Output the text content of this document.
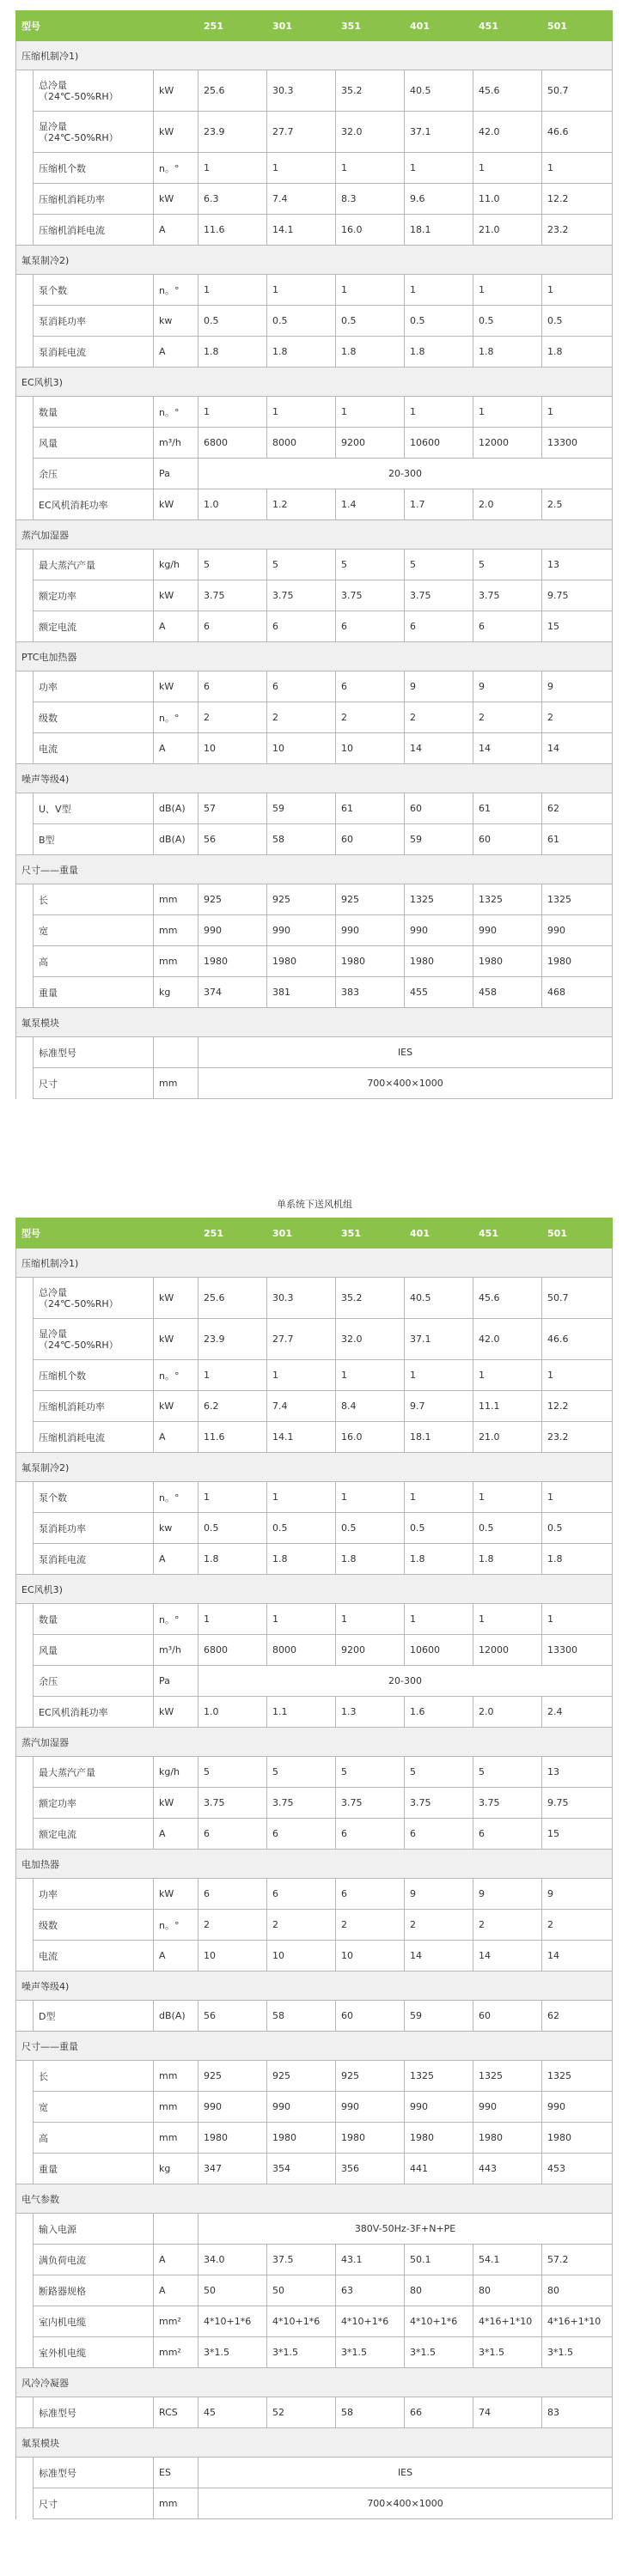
型号			251	301	351	401	451	501
压缩机制冷1)								

	总冷量
（24℃-50%RH）	kW	25.6	30.3	35.2	40.5	45.6	50.7

	显冷量
（24℃-50%RH）	kW	23.9	27.7	32.0	37.1	42.0	46.6
	压缩机个数	n。°	1	1	1	1	1	1
	压缩机消耗功率	kW	6.3	7.4	8.3	9.6	11.0	12.2
	压缩机消耗电流	A	11.6	14.1	16.0	18.1	21.0	23.2
氟泵制冷2)								
	泵个数	n。°	1	1	1	1	1	1
	泵消耗功率	kw	0.5	0.5	0.5	0.5	0.5	0.5
	泵消耗电流	A	1.8	1.8	1.8	1.8	1.8	1.8
EC风机3)								
	数量	n。°	1	1	1	1	1	1
	风量	m³/h	6800	8000	9200	10600	12000	13300
	余压	Pa	20-300					
	EC风机消耗功率	kW	1.0	1.2	1.4	1.7	2.0	2.5
蒸汽加湿器								
	最大蒸汽产量	kg/h	5	5	5	5	5	13
	额定功率	kW	3.75	3.75	3.75	3.75	3.75	9.75
	额定电流	A	6	6	6	6	6	15
PTC电加热器								
	功率	kW	6	6	6	9	9	9
	级数	n。°	2	2	2	2	2	2
	电流	A	10	10	10	14	14	14
噪声等级4)								
	U、V型	dB(A)	57	59	61	60	61	62
	B型	dB(A)	56	58	60	59	60	61
尺寸——重量								
	长	mm	925	925	925	1325	1325	1325
	宽	mm	990	990	990	990	990	990
	高	mm	1980	1980	1980	1980	1980	1980
	重量	kg	374	381	383	455	458	468
氟泵模块								
	标准型号		IES					
	尺寸	mm	700×400×1000					
单系统下送风机组
型号			251	301	351	401	451	501
压缩机制冷1)								

	总冷量
（24℃-50%RH）	kW	25.6	30.3	35.2	40.5	45.6	50.7

	显冷量
（24℃-50%RH）	kW	23.9	27.7	32.0	37.1	42.0	46.6
	压缩机个数	n。°	1	1	1	1	1	1
	压缩机消耗功率	kW	6.2	7.4	8.4	9.7	11.1	12.2
	压缩机消耗电流	A	11.6	14.1	16.0	18.1	21.0	23.2
氟泵制冷2)								
	泵个数	n。°	1	1	1	1	1	1
	泵消耗功率	kw	0.5	0.5	0.5	0.5	0.5	0.5
	泵消耗电流	A	1.8	1.8	1.8	1.8	1.8	1.8
EC风机3)								
	数量	n。°	1	1	1	1	1	1
	风量	m³/h	6800	8000	9200	10600	12000	13300
	余压	Pa	20-300					
	EC风机消耗功率	kW	1.0	1.1	1.3	1.6	2.0	2.4
蒸汽加湿器								
	最大蒸汽产量	kg/h	5	5	5	5	5	13
	额定功率	kW	3.75	3.75	3.75	3.75	3.75	9.75
	额定电流	A	6	6	6	6	6	15
电加热器								
	功率	kW	6	6	6	9	9	9
	级数	n。°	2	2	2	2	2	2
	电流	A	10	10	10	14	14	14
噪声等级4)								
	D型	dB(A)	56	58	60	59	60	62
尺寸——重量								
	长	mm	925	925	925	1325	1325	1325
	宽	mm	990	990	990	990	990	990
	高	mm	1980	1980	1980	1980	1980	1980
	重量	kg	347	354	356	441	443	453
电气参数								
	输入电源		380V-50Hz-3F+N+PE					
	满负荷电流	A	34.0	37.5	43.1	50.1	54.1	57.2
	断路器规格	A	50	50	63	80	80	80
	室内机电缆	mm²	4*10+1*6	4*10+1*6	4*10+1*6	4*10+1*6	4*16+1*10	4*16+1*10
	室外机电缆	mm²	3*1.5	3*1.5	3*1.5	3*1.5	3*1.5	3*1.5
风冷冷凝器								
	标准型号	RCS	45	52	58	66	74	83
氟泵模块								
	标准型号	ES	IES					
	尺寸	mm	700×400×1000					
